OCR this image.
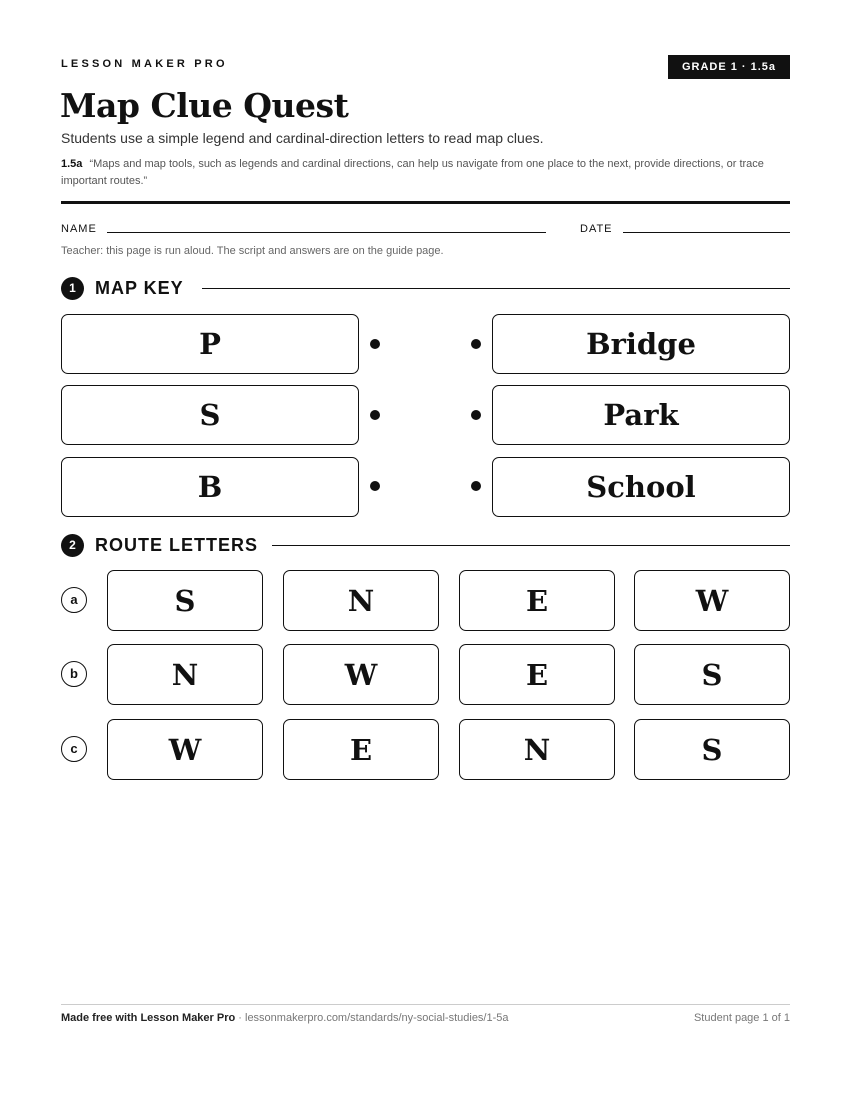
LESSON MAKER PRO	GRADE 1 · 1.5a
Map Clue Quest

Students use a simple legend and cardinal-direction letters to read map clues.

1.5a “Maps and map tools, such as legends and cardinal directions, can help us navigate from one place to the next, provide directions, or trace important routes.”

NAME	DATE

Teacher: this page is run aloud. The script and answers are on the guide page.

1	MAP KEY
P	Bridge
S	Park
B	School
2	ROUTE LETTERS
a	S	N	E	W
b	N	W	E	S
c	W	E	N	S
Made free with Lesson Maker Pro · lessonmakerpro.com/standards/ny-social-studies/1-5a	Student page 1 of 1
